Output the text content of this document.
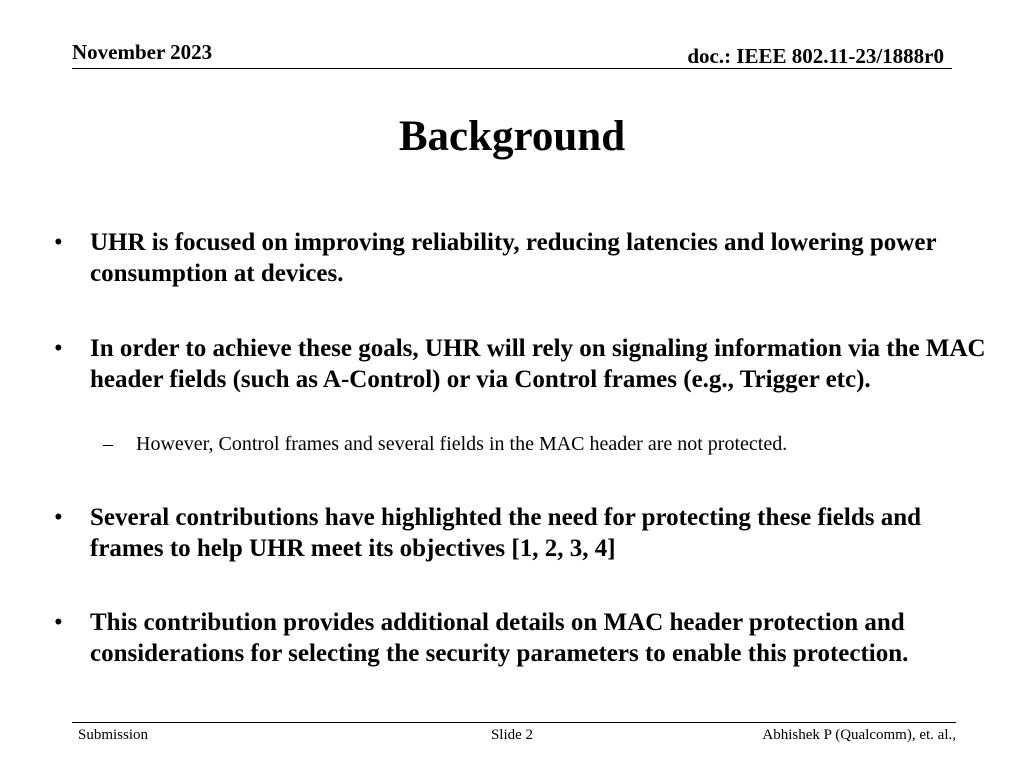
November 2023	doc.: IEEE 802.11-23/1888r0
Background
•	UHR is focused on improving reliability, reducing latencies and lowering power consumption at devices.
•	In order to achieve these goals, UHR will rely on signaling information via the MAC header fields (such as A-Control) or via Control frames (e.g., Trigger etc).
– However, Control frames and several fields in the MAC header are not protected.
•	Several contributions have highlighted the need for protecting these fields and frames to help UHR meet its objectives [1, 2, 3, 4]
•	This contribution provides additional details on MAC header protection and considerations for selecting the security parameters to enable this protection.
Submission	Slide 2	Abhishek P (Qualcomm), et. al.,
